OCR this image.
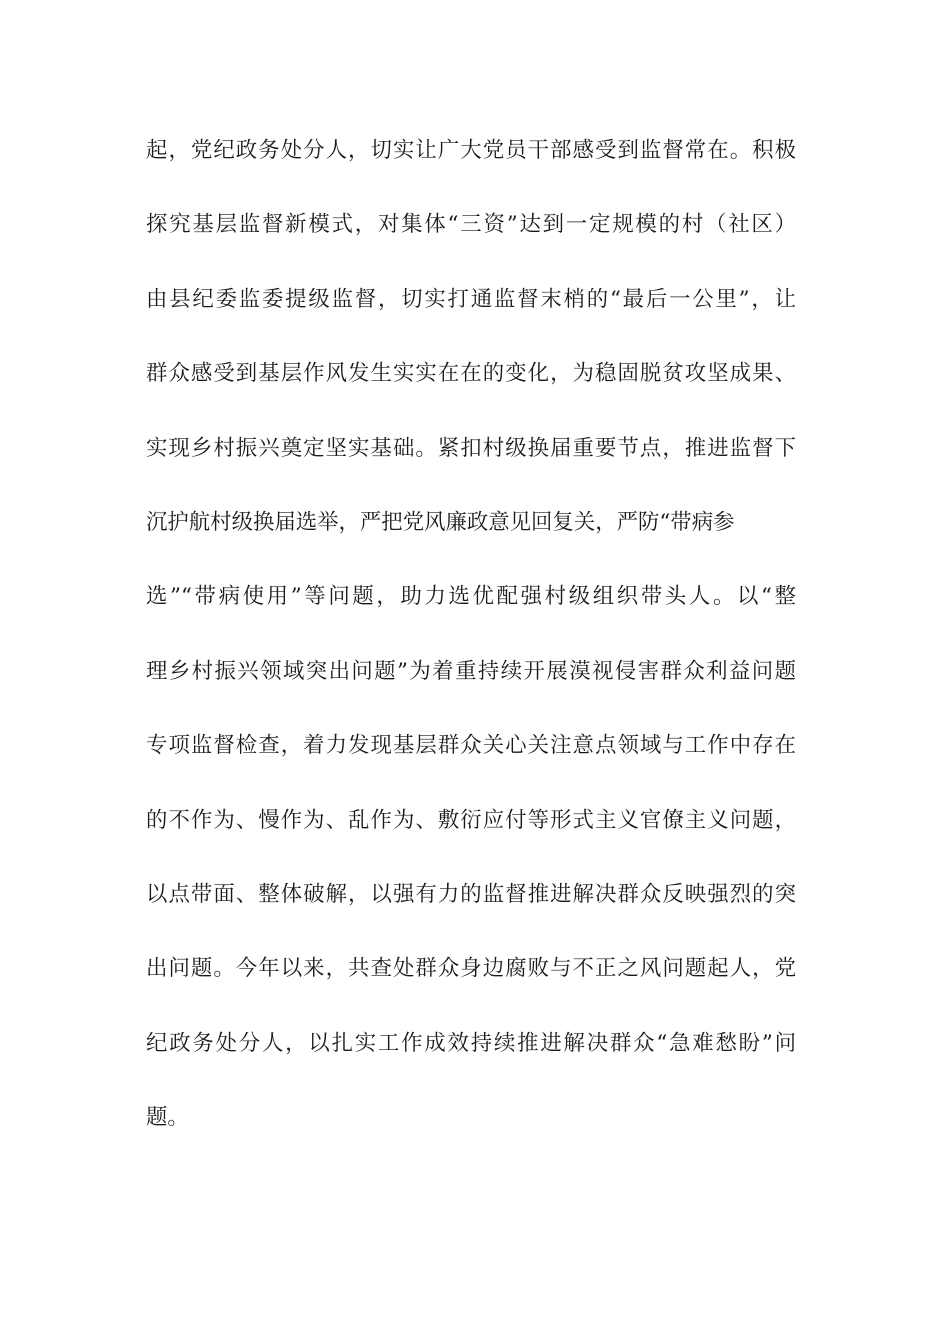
起，党纪政务处分人，切实让广大党员干部感受到监督常在。积极
探究基层监督新模式，对集体“三资”达到一定规模的村（社区）
由县纪委监委提级监督，切实打通监督末梢的“最后一公里”，让
群众感受到基层作风发生实实在在的变化，为稳固脱贫攻坚成果、
实现乡村振兴奠定坚实基础。紧扣村级换届重要节点，推进监督下
沉护航村级换届选举，严把党风廉政意见回复关，严防“带病参
选”“带病使用”等问题，助力选优配强村级组织带头人。以“整
理乡村振兴领域突出问题”为着重持续开展漠视侵害群众利益问题
专项监督检查，着力发现基层群众关心关注意点领域与工作中存在
的不作为、慢作为、乱作为、敷衍应付等形式主义官僚主义问题，
以点带面、整体破解，以强有力的监督推进解决群众反映强烈的突
出问题。今年以来，共查处群众身边腐败与不正之风问题起人，党
纪政务处分人，以扎实工作成效持续推进解决群众“急难愁盼”问
题。
